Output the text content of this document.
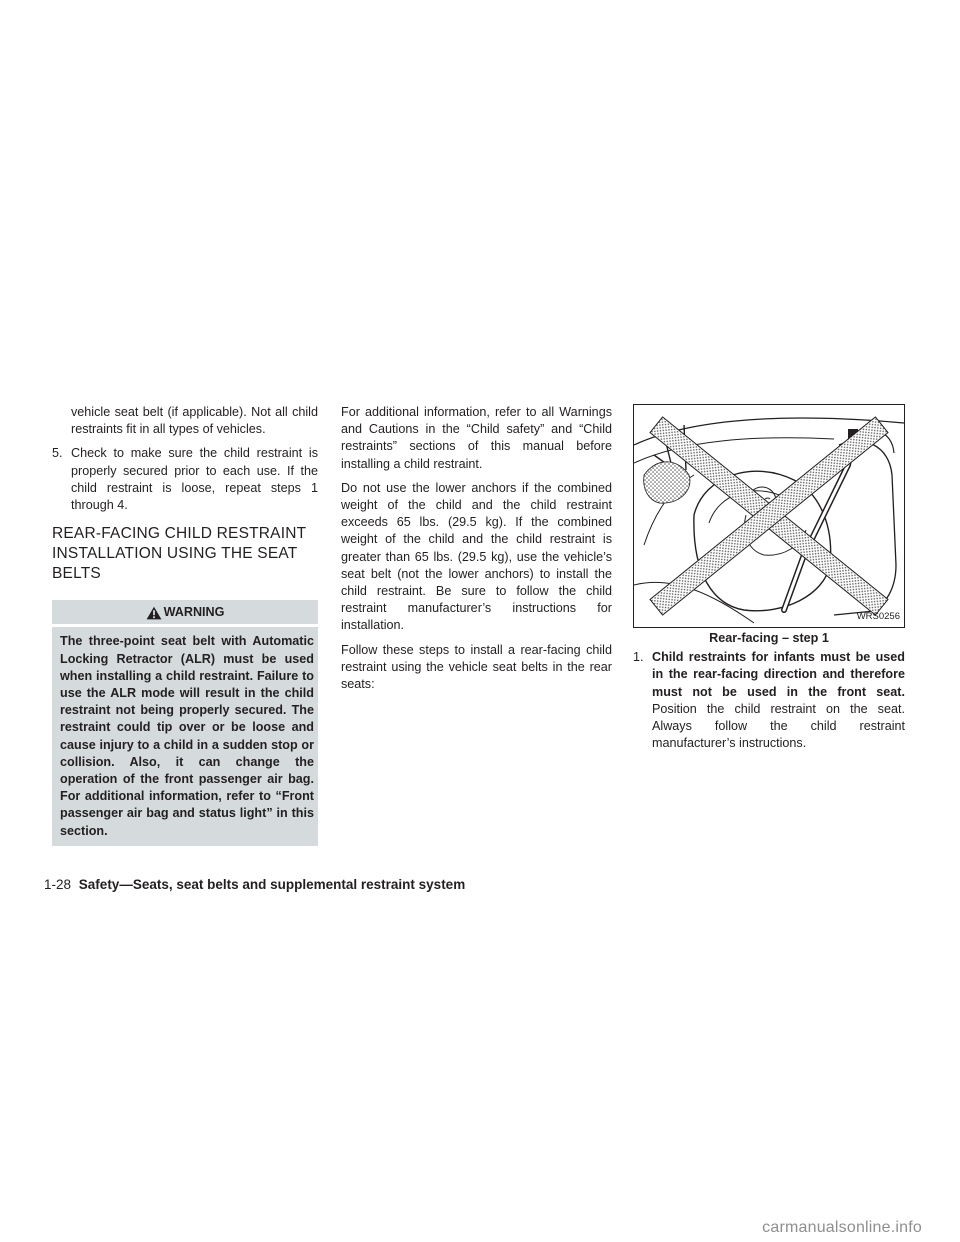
vehicle seat belt (if applicable). Not all child restraints fit in all types of vehicles.

5. Check to make sure the child restraint is properly secured prior to each use. If the child restraint is loose, repeat steps 1 through 4.
REAR-FACING CHILD RESTRAINT INSTALLATION USING THE SEAT BELTS
WARNING
The three-point seat belt with Automatic Locking Retractor (ALR) must be used when installing a child restraint. Failure to use the ALR mode will result in the child restraint not being properly secured. The restraint could tip over or be loose and cause injury to a child in a sudden stop or collision. Also, it can change the operation of the front passenger air bag. For additional information, refer to “Front passenger air bag and status light” in this section.

For additional information, refer to all Warnings and Cautions in the “Child safety” and “Child restraints” sections of this manual before installing a child restraint.

Do not use the lower anchors if the combined weight of the child and the child restraint exceeds 65 lbs. (29.5 kg). If the combined weight of the child and the child restraint is greater than 65 lbs. (29.5 kg), use the vehicle’s seat belt (not the lower anchors) to install the child restraint. Be sure to follow the child restraint manufacturer’s instructions for installation.

Follow these steps to install a rear-facing child restraint using the vehicle seat belts in the rear seats:

WRS0256
Rear-facing – step 1
1. Child restraints for infants must be used in the rear-facing direction and therefore must not be used in the front seat. Position the child restraint on the seat. Always follow the child restraint manufacturer’s instructions.
1-28 Safety—Seats, seat belts and supplemental restraint system
carmanualsonline.info
